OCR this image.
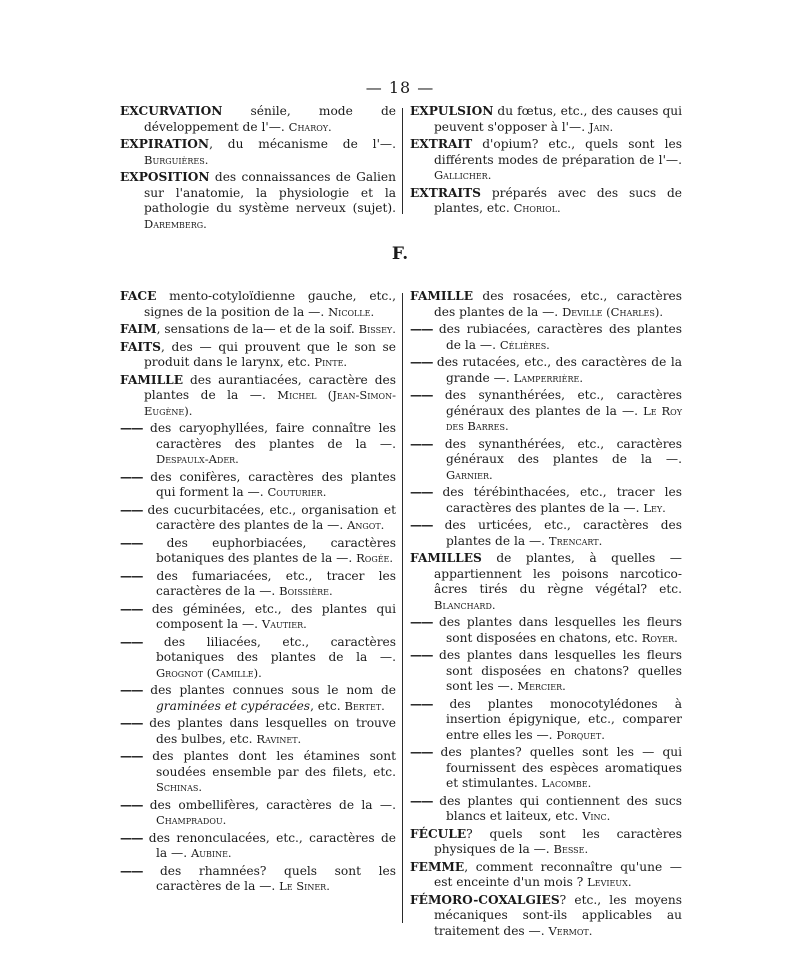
— 18 —

EXCURVATION sénile, mode de développement de l'—. Charoy.

EXPIRATION, du mécanisme de l'—. Burguières.

EXPOSITION des connaissances de Galien sur l'anatomie, la physiologie et la pathologie du système nerveux (sujet). Daremberg.

EXPULSION du fœtus, etc., des causes qui peuvent s'opposer à l'—. Jain.

EXTRAIT d'opium? etc., quels sont les différents modes de préparation de l'—. Gallicher.

EXTRAITS préparés avec des sucs de plantes, etc. Choriol.

F.

FACE mento-cotyloïdienne gauche, etc., signes de la position de la —. Nicolle.

FAIM, sensations de la— et de la soif. Bissey.

FAITS, des — qui prouvent que le son se produit dans le larynx, etc. Pinte.

FAMILLE des aurantiacées, caractère des plantes de la —. Michel (Jean-Simon-Eugène).

—— des caryophyllées, faire connaître les caractères des plantes de la —. Despaulx-Ader.

—— des conifères, caractères des plantes qui forment la —. Couturier.

—— des cucurbitacées, etc., organisation et caractère des plantes de la —. Angot.

—— des euphorbiacées, caractères botaniques des plantes de la —. Rogée.

—— des fumariacées, etc., tracer les caractères de la —. Boissière.

—— des géminées, etc., des plantes qui composent la —. Vautier.

—— des liliacées, etc., caractères botaniques des plantes de la —. Grognot (Camille).

—— des plantes connues sous le nom de graminées et cypéracées, etc. Bertet.

—— des plantes dans lesquelles on trouve des bulbes, etc. Ravinet.

—— des plantes dont les étamines sont soudées ensemble par des filets, etc. Schinas.

—— des ombellifères, caractères de la —. Champradou.

—— des renonculacées, etc., caractères de la —. Aubine.

—— des rhamnées? quels sont les caractères de la —. Le Siner.

FAMILLE des rosacées, etc., caractères des plantes de la —. Deville (Charles).

—— des rubiacées, caractères des plantes de la —. Célières.

—— des rutacées, etc., des caractères de la grande —. Lamperrière.

—— des synanthérées, etc., caractères généraux des plantes de la —. Le Roy des Barres.

—— des synanthérées, etc., caractères généraux des plantes de la —. Garnier.

—— des térébinthacées, etc., tracer les caractères des plantes de la —. Ley.

—— des urticées, etc., caractères des plantes de la —. Trencart.

FAMILLES de plantes, à quelles — appartiennent les poisons narcotico-âcres tirés du règne végétal? etc. Blanchard.

—— des plantes dans lesquelles les fleurs sont disposées en chatons, etc. Royer.

—— des plantes dans lesquelles les fleurs sont disposées en chatons? quelles sont les —. Mercier.

—— des plantes monocotylédones à insertion épigynique, etc., comparer entre elles les —. Porquet.

—— des plantes? quelles sont les — qui fournissent des espèces aromatiques et stimulantes. Lacombe.

—— des plantes qui contiennent des sucs blancs et laiteux, etc. Vinc.

FÉCULE? quels sont les caractères physiques de la —. Besse.

FEMME, comment reconnaître qu'une — est enceinte d'un mois ? Levieux.

FÉMORO-COXALGIES? etc., les moyens mécaniques sont-ils applicables au traitement des —. Vermot.
